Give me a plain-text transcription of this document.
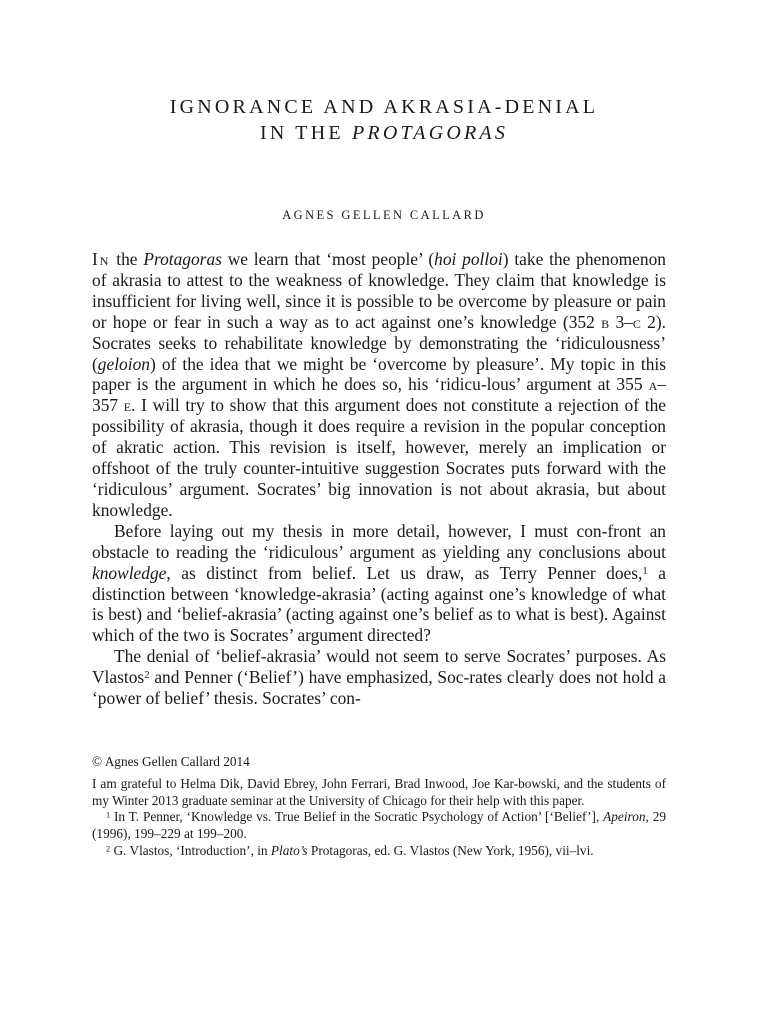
IGNORANCE AND AKRASIA-DENIAL
IN THE PROTAGORAS
AGNES GELLEN CALLARD

In the Protagoras we learn that ‘most people’ (hoi polloi) take the phenomenon of akrasia to attest to the weakness of knowledge. They claim that knowledge is insufficient for living well, since it is possible to be overcome by pleasure or pain or hope or fear in such a way as to act against one’s knowledge (352 b 3–c 2). Socrates seeks to rehabilitate knowledge by demonstrating the ‘ridiculousness’ (geloion) of the idea that we might be ‘overcome by pleasure’. My topic in this paper is the argument in which he does so, his ‘ridicu-lous’ argument at 355 a–357 e. I will try to show that this argument does not constitute a rejection of the possibility of akrasia, though it does require a revision in the popular conception of akratic action. This revision is itself, however, merely an implication or offshoot of the truly counter-intuitive suggestion Socrates puts forward with the ‘ridiculous’ argument. Socrates’ big innovation is not about akrasia, but about knowledge.

Before laying out my thesis in more detail, however, I must con-front an obstacle to reading the ‘ridiculous’ argument as yielding any conclusions about knowledge, as distinct from belief. Let us draw, as Terry Penner does,$^1$ a distinction between ‘knowledge-akrasia’ (acting against one’s knowledge of what is best) and ‘belief-akrasia’ (acting against one’s belief as to what is best). Against which of the two is Socrates’ argument directed?

The denial of ‘belief-akrasia’ would not seem to serve Socrates’ purposes. As Vlastos$^2$ and Penner (‘Belief’) have emphasized, Soc-rates clearly does not hold a ‘power of belief’ thesis. Socrates’ con-

© Agnes Gellen Callard 2014

I am grateful to Helma Dik, David Ebrey, John Ferrari, Brad Inwood, Joe Kar-bowski, and the students of my Winter 2013 graduate seminar at the University of Chicago for their help with this paper.

$^1$ In T. Penner, ‘Knowledge vs. True Belief in the Socratic Psychology of Action’ [‘Belief’], Apeiron, 29 (1996), 199–229 at 199–200.

$^2$ G. Vlastos, ‘Introduction’, in Plato’s Protagoras, ed. G. Vlastos (New York, 1956), vii–lvi.
